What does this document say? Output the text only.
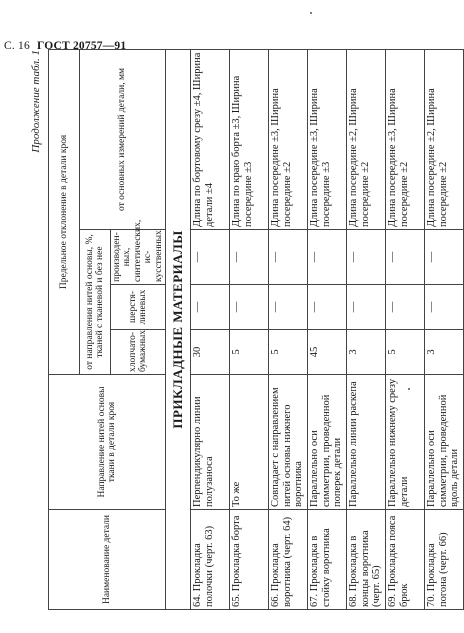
С. 16 ГОСТ 20757—91
Продолжение табл. 1
Наименование детали	Направление нитей основы ткани в детали кроя	Предельное отклонение в детали кроя			
		от направления нитей основы, %, тканей с тканевой и без нее			от основных измерений детали, мм
		хлопчато-бумажных	шерстя-линевых	производен-ных, синтетических, ис-кусственных	
ПРИКЛАДНЫЕ МАТЕРИАЛЫ					
64. Прокладка полочки (черт. 63)	Перпендикулярно линии полузаноса	30	—	—	Длина по бортовому срезу ±4, Ширина детали ±4
65. Прокладка борта	То же	5	—	—	Длина по краю борта ±3, Ширина посередине ±3
66. Прокладка воротника (черт. 64)	Совпадает с направлением нитей основы нижнего воротника	5	—	—	Длина посередине ±3, Ширина посередине ±2
67. Прокладка в стойку воротника	Параллельно оси симметрии, проведенной поперек детали	45	—	—	Длина посередине ±3, Ширина посередине ±3
68. Прокладка в концы воротника (черт. 65)	Параллельно линии раскепа	3	—	—	Длина посередине ±2, Ширина посередине ±2
69. Прокладка пояса брюк	Параллельно нижнему срезу детали	5	—	—	Длина посередине ±3, Ширина посередине ±2
70. Прокладка погона (черт. 66)	Параллельно оси симметрии, проведенной вдоль детали	3	—	—	Длина посередине ±2, Ширина посередине ±2
